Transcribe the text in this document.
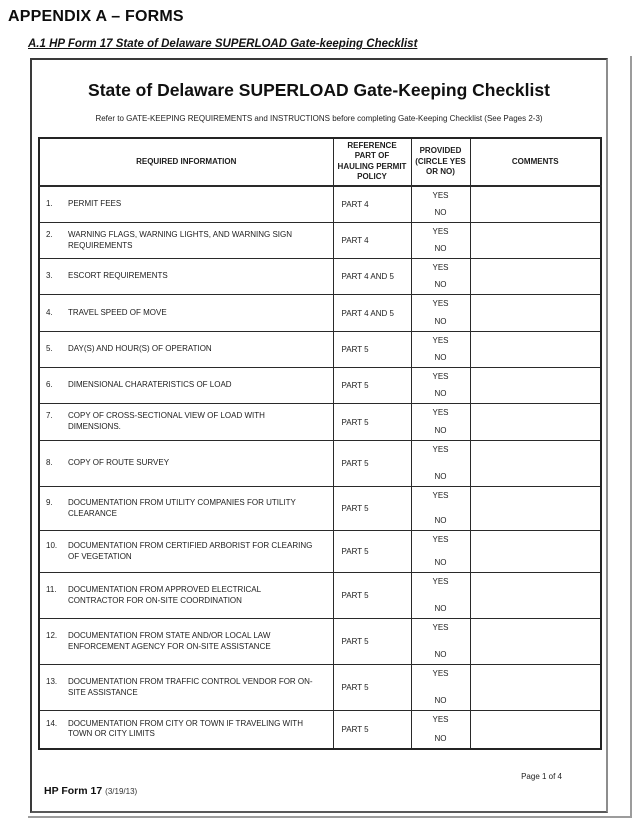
APPENDIX A – FORMS
A.1 HP Form 17 State of Delaware SUPERLOAD Gate-keeping Checklist
State of Delaware SUPERLOAD Gate-Keeping Checklist
Refer to GATE-KEEPING REQUIREMENTS and INSTRUCTIONS before completing Gate-Keeping Checklist (See Pages 2-3)
REQUIRED INFORMATION	REFERENCE PART OF HAULING PERMIT POLICY	PROVIDED (CIRCLE YES OR NO)	COMMENTS

1. PERMIT FEES	PART 4	YES
NO	

2. WARNING FLAGS, WARNING LIGHTS, AND WARNING SIGN REQUIREMENTS	PART 4	YES
NO	

3. ESCORT REQUIREMENTS	PART 4 AND 5	YES
NO	

4. TRAVEL SPEED OF MOVE	PART 4 AND 5	YES
NO	

5. DAY(S) AND HOUR(S) OF OPERATION	PART 5	YES
NO	

6. DIMENSIONAL CHARATERISTICS OF LOAD	PART 5	YES
NO	

7. COPY OF CROSS-SECTIONAL VIEW OF LOAD WITH DIMENSIONS.	PART 5	YES
NO	

8. COPY OF ROUTE SURVEY	PART 5	YES
NO	

9. DOCUMENTATION FROM UTILITY COMPANIES FOR UTILITY CLEARANCE	PART 5	YES
NO	

10. DOCUMENTATION FROM CERTIFIED ARBORIST FOR CLEARING OF VEGETATION	PART 5	YES
NO	

11. DOCUMENTATION FROM APPROVED ELECTRICAL CONTRACTOR FOR ON-SITE COORDINATION	PART 5	YES
NO	

12. DOCUMENTATION FROM STATE AND/OR LOCAL LAW ENFORCEMENT AGENCY FOR ON-SITE ASSISTANCE	PART 5	YES
NO	

13. DOCUMENTATION FROM TRAFFIC CONTROL VENDOR FOR ON-SITE ASSISTANCE	PART 5	YES
NO	

14. DOCUMENTATION FROM CITY OR TOWN IF TRAVELING WITH TOWN OR CITY LIMITS	PART 5	YES
NO	

HP Form 17 (3/19/13)
Page 1 of 4
